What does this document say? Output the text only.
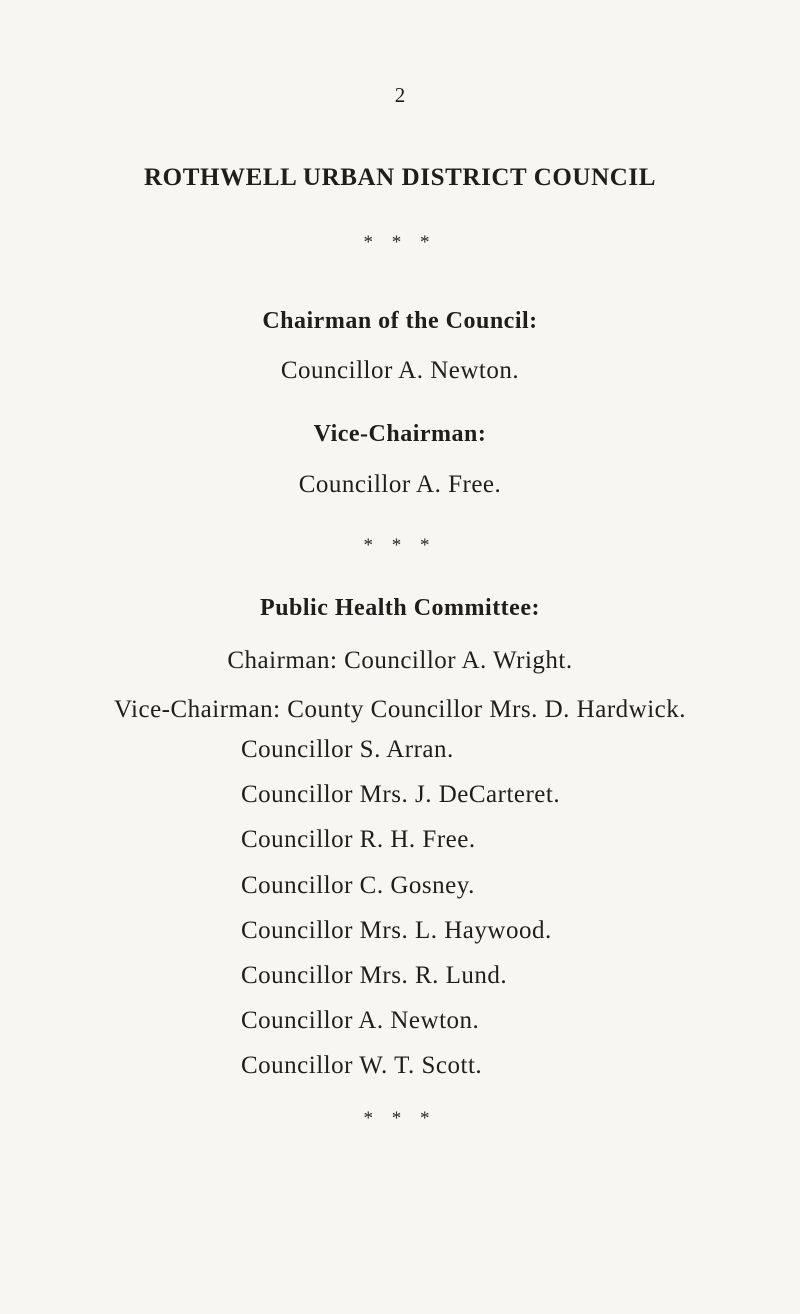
2
ROTHWELL URBAN DISTRICT COUNCIL
* * *
Chairman of the Council:
Councillor A. Newton.
Vice-Chairman:
Councillor A. Free.
* * *
Public Health Committee:
Chairman: Councillor A. Wright.
Vice-Chairman: County Councillor Mrs. D. Hardwick.
Councillor S. Arran.
Councillor Mrs. J. DeCarteret.
Councillor R. H. Free.
Councillor C. Gosney.
Councillor Mrs. L. Haywood.
Councillor Mrs. R. Lund.
Councillor A. Newton.
Councillor W. T. Scott.
* * *
